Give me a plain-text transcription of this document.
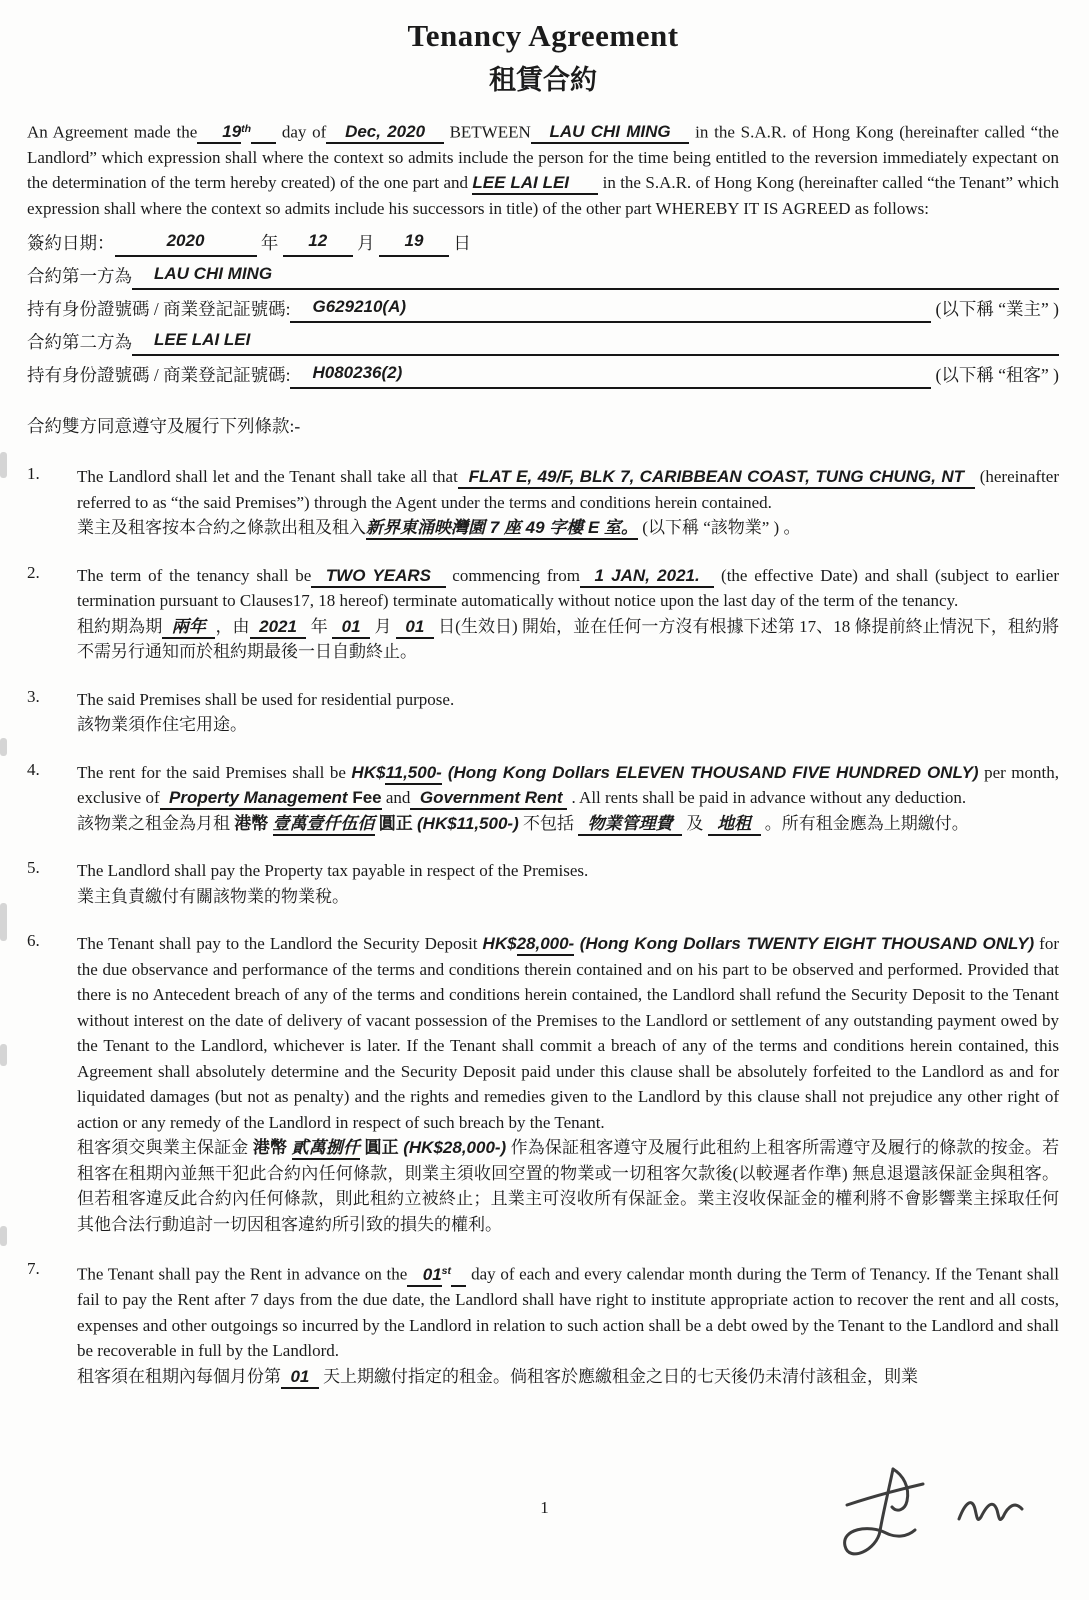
Tenancy Agreement
租賃合約

An Agreement made the    19th     day of   Dec, 2020    BETWEEN   LAU CHI MING    in the S.A.R. of Hong Kong (hereinafter called “the Landlord” which expression shall where the context so admits include the person for the time being entitled to the reversion immediately expectant on the determination of the term hereby created) of the one part and LEE LAI LEI       in the S.A.R. of Hong Kong (hereinafter called “the Tenant” which expression shall where the context so admits include his successors in title) of the other part WHEREBY IT IS AGREED as follows:

簽約日期：	2020	年	12	月	19	日
合約第一方為	LAU CHI MING
持有身份證號碼 / 商業登記証號碼:	G629210(A)	(以下稱 “業主” )
合約第二方為	LEE LAI LEI
持有身份證號碼 / 商業登記証號碼:	H080236(2)	(以下稱 “租客” )

合約雙方同意遵守及履行下列條款:-

1.	The Landlord shall let and the Tenant shall take all that  FLAT E, 49/F, BLK 7, CARIBBEAN COAST, TUNG CHUNG, NT   (hereinafter referred to as “the said Premises”) through the Agent under the terms and conditions herein contained.
業主及租客按本合約之條款出租及租入新界東涌映灣園 7 座 49 字樓 E 室。 (以下稱 “該物業” ) 。
2.	The term of the tenancy shall be  TWO YEARS   commencing from  1 JAN, 2021.   (the effective Date) and shall (subject to earlier termination pursuant to Clauses17, 18 hereof) terminate automatically without notice upon the last day of the term of the tenancy.
租約期為期  兩年  ，由  2021   年   01   月   01   日(生效日) 開始，並在任何一方沒有根據下述第 17、18 條提前終止情況下，租約將不需另行通知而於租約期最後一日自動終止。
3.	The said Premises shall be used for residential purpose.
該物業須作住宅用途。
4.	The rent for the said Premises shall be HK$11,500- (Hong Kong Dollars ELEVEN THOUSAND FIVE HUNDRED ONLY) per month, exclusive of  Property Management Fee and  Government Rent  . All rents shall be paid in advance without any deduction.
該物業之租金為月租 港幣 壹萬壹仟伍佰 圓正 (HK$11,500-) 不包括   物業管理費   及   地租   。所有租金應為上期繳付。
5.	The Landlord shall pay the Property tax payable in respect of the Premises.
業主負責繳付有關該物業的物業稅。
6.	The Tenant shall pay to the Landlord the Security Deposit HK$28,000- (Hong Kong Dollars TWENTY EIGHT THOUSAND ONLY) for the due observance and performance of the terms and conditions therein contained and on his part to be observed and performed. Provided that there is no Antecedent breach of any of the terms and conditions herein contained, the Landlord shall refund the Security Deposit to the Tenant without interest on the date of delivery of vacant possession of the Premises to the Landlord or settlement of any outstanding payment owed by the Tenant to the Landlord, whichever is later. If the Tenant shall commit a breach of any of the terms and conditions herein contained, this Agreement shall absolutely determine and the Security Deposit paid under this clause shall be absolutely forfeited to the Landlord as and for liquidated damages (but not as penalty) and the rights and remedies given to the Landlord by this clause shall not prejudice any other right of action or any remedy of the Landlord in respect of such breach by the Tenant.
租客須交與業主保証金 港幣 貳萬捌仟 圓正 (HK$28,000-) 作為保証租客遵守及履行此租約上租客所需遵守及履行的條款的按金。若租客在租期內並無干犯此合約內任何條款，則業主須收回空置的物業或一切租客欠款後(以較遲者作準) 無息退還該保証金與租客。但若租客違反此合約內任何條款，則此租約立被終止；且業主可沒收所有保証金。業主沒收保証金的權利將不會影響業主採取任何其他合法行動追討一切因租客違約所引致的損失的權利。
7.	The Tenant shall pay the Rent in advance on the   01st    day of each and every calendar month during the Term of Tenancy. If the Tenant shall fail to pay the Rent after 7 days from the due date, the Landlord shall have right to institute appropriate action to recover the rent and all costs, expenses and other outgoings so incurred by the Landlord in relation to such action shall be a debt owed by the Tenant to the Landlord and shall be recoverable in full by the Landlord.
租客須在租期內每個月份第  01   天上期繳付指定的租金。倘租客於應繳租金之日的七天後仍未清付該租金，則業
1
